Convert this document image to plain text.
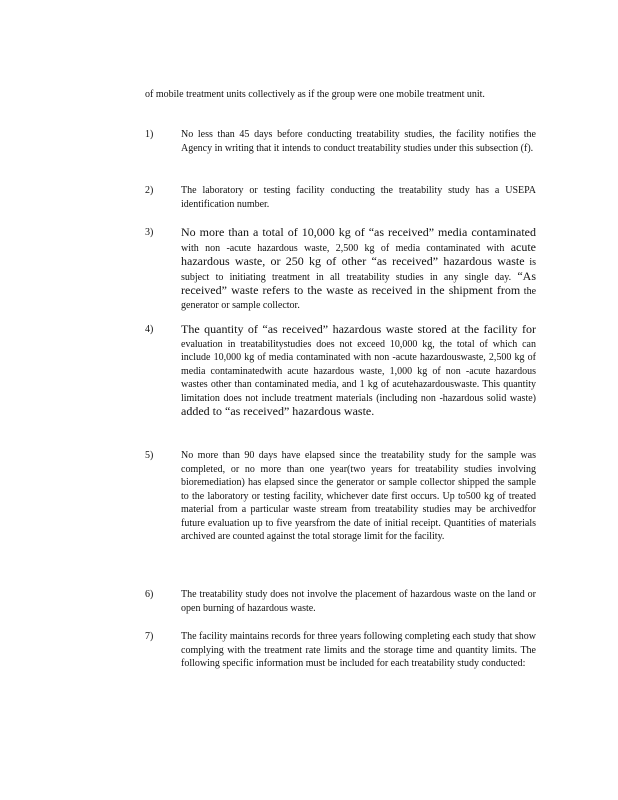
of mobile treatment units collectively as if the group were one mobile treatment unit.
1)	No less than 45 days before conducting treatability studies, the facility notifies the Agency in writing that it intends to conduct treatability studies under this subsection (f).
2)	The laboratory or testing facility conducting the treatability study has a USEPA identification number.
3) No more than a total of 10,000 kg of “as received” media contaminated with non -acute hazardous waste, 2,500 kg of media contaminated with acute hazardous waste, or 250 kg of other “as received” hazardous waste is subject to initiating treatment in all treatability studies in any single day. “As received” waste refers to the waste as received in the shipment from the generator or sample collector.
4) The quantity of “as received” hazardous waste stored at the facility for evaluation in treatabilitystudies does not exceed 10,000 kg, the total of which can include 10,000 kg of media contaminated with non -acute hazardouswaste, 2,500 kg of media contaminatedwith acute hazardous waste, 1,000 kg of non -acute hazardous wastes other than contaminated media, and 1 kg of acutehazardouswaste. This quantity limitation does not include treatment materials (including non -hazardous solid waste) added to “as received” hazardous waste.
5)	No more than 90 days have elapsed since the treatability study for the sample was completed, or no more than one year(two years for treatability studies involving bioremediation) has elapsed since the generator or sample collector shipped the sample to the laboratory or testing facility, whichever date first occurs. Up to500 kg of treated material from a particular waste stream from treatability studies may be archivedfor future evaluation up to five yearsfrom the date of initial receipt. Quantities of materials archived are counted against the total storage limit for the facility.
6)	The treatability study does not involve the placement of hazardous waste on the land or open burning of hazardous waste.
7)	The facility maintains records for three years following completing each study that show complying with the treatment rate limits and the storage time and quantity limits. The following specific information must be included for each treatability study conducted:
